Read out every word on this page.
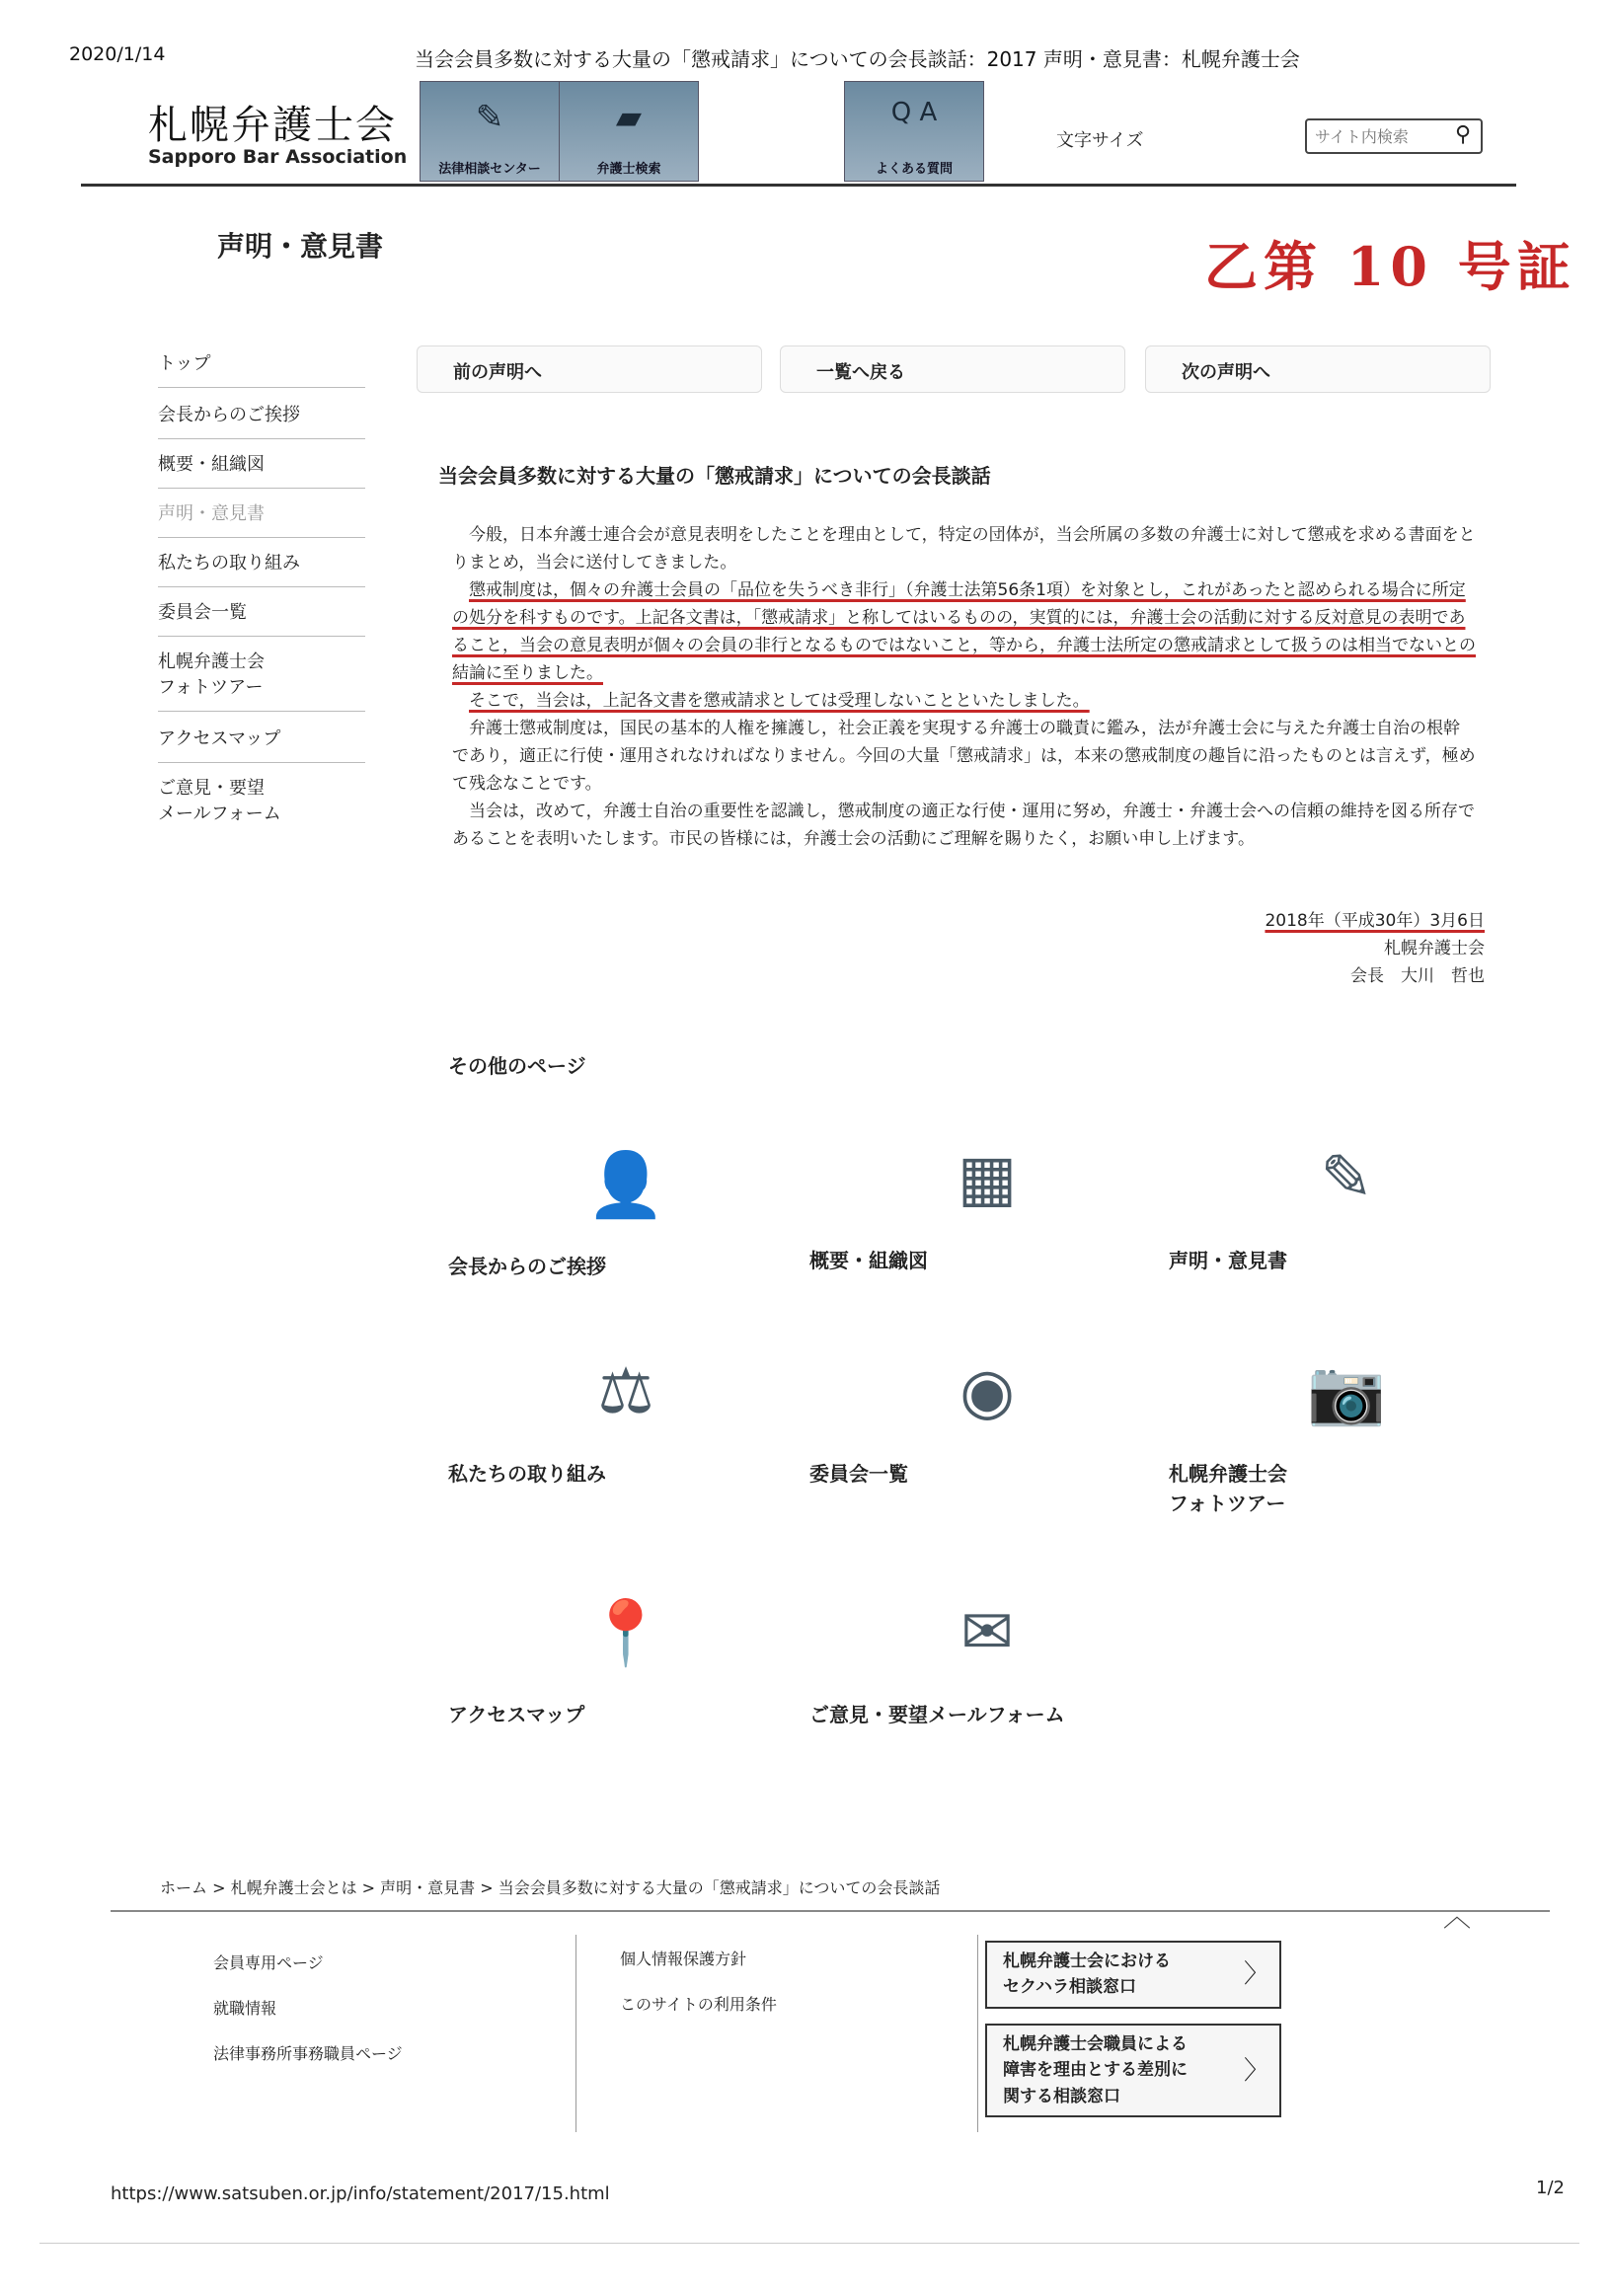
2020/1/14	当会会員多数に対する大量の「懲戒請求」についての会長談話：2017 声明・意見書：札幌弁護士会
札幌弁護士会
Sapporo Bar Association
✎
法律相談センター
▰
弁護士検索
Q A
よくある質問
文字サイズ
サイト内検索	⚲
声明・意見書	乙第 10 号証
トップ
会長からのご挨拶
概要・組織図
声明・意見書
私たちの取り組み
委員会一覧
札幌弁護士会
フォトツアー
アクセスマップ
ご意見・要望
メールフォーム
前の声明へ	一覧へ戻る	次の声明へ
当会会員多数に対する大量の「懲戒請求」についての会長談話

今般，日本弁護士連合会が意見表明をしたことを理由として，特定の団体が，当会所属の多数の弁護士に対して懲戒を求める書面をとりまとめ，当会に送付してきました。

懲戒制度は，個々の弁護士会員の「品位を失うべき非行」（弁護士法第56条1項）を対象とし，これがあったと認められる場合に所定の処分を科すものです。上記各文書は，「懲戒請求」と称してはいるものの，実質的には，弁護士会の活動に対する反対意見の表明であること，当会の意見表明が個々の会員の非行となるものではないこと，等から，弁護士法所定の懲戒請求として扱うのは相当でないとの結論に至りました。

そこで，当会は，上記各文書を懲戒請求としては受理しないことといたしました。

弁護士懲戒制度は，国民の基本的人権を擁護し，社会正義を実現する弁護士の職責に鑑み，法が弁護士会に与えた弁護士自治の根幹であり，適正に行使・運用されなければなりません。今回の大量「懲戒請求」は，本来の懲戒制度の趣旨に沿ったものとは言えず，極めて残念なことです。

当会は，改めて，弁護士自治の重要性を認識し，懲戒制度の適正な行使・運用に努め，弁護士・弁護士会への信頼の維持を図る所存であることを表明いたします。市民の皆様には，弁護士会の活動にご理解を賜りたく，お願い申し上げます。

2018年（平成30年）3月6日
札幌弁護士会
会長　大川　哲也
その他のページ
👤
会長からのご挨拶
▦
概要・組織図
✎
声明・意見書
⚖
私たちの取り組み
◉
委員会一覧
📷
札幌弁護士会
フォトツアー
📍
アクセスマップ
✉
ご意見・要望メールフォーム
ホーム > 札幌弁護士会とは > 声明・意見書 > 当会会員多数に対する大量の「懲戒請求」についての会長談話
︿
会員専用ページ
就職情報
法律事務所事務職員ページ
個人情報保護方針
このサイトの利用条件
札幌弁護士会における
セクハラ相談窓口	〉
札幌弁護士会職員による
障害を理由とする差別に
関する相談窓口
〉
https://www.satsuben.or.jp/info/statement/2017/15.html	1/2
